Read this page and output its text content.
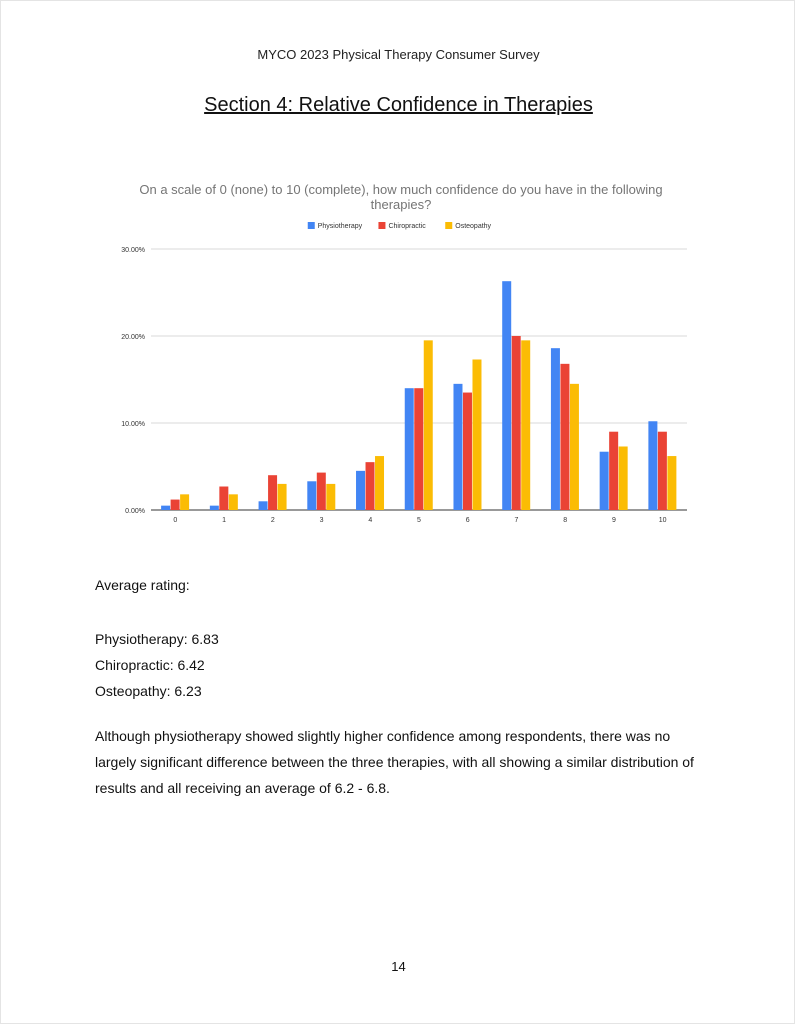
MYCO 2023 Physical Therapy Consumer Survey
Section 4: Relative Confidence in Therapies
On a scale of 0 (none) to 10 (complete), how much confidence do you have in the following
therapies?
Physiotherapy	Chiropractic	Osteopathy
0.00%
10.00%
20.00%
30.00%
0	1	2	3	4	5	6	7	8	9	10
Average rating:
Physiotherapy: 6.83
Chiropractic: 6.42
Osteopathy: 6.23
Although physiotherapy showed slightly higher confidence among respondents, there was no largely significant difference between the three therapies, with all showing a similar distribution of results and all receiving an average of 6.2 - 6.8.
14
